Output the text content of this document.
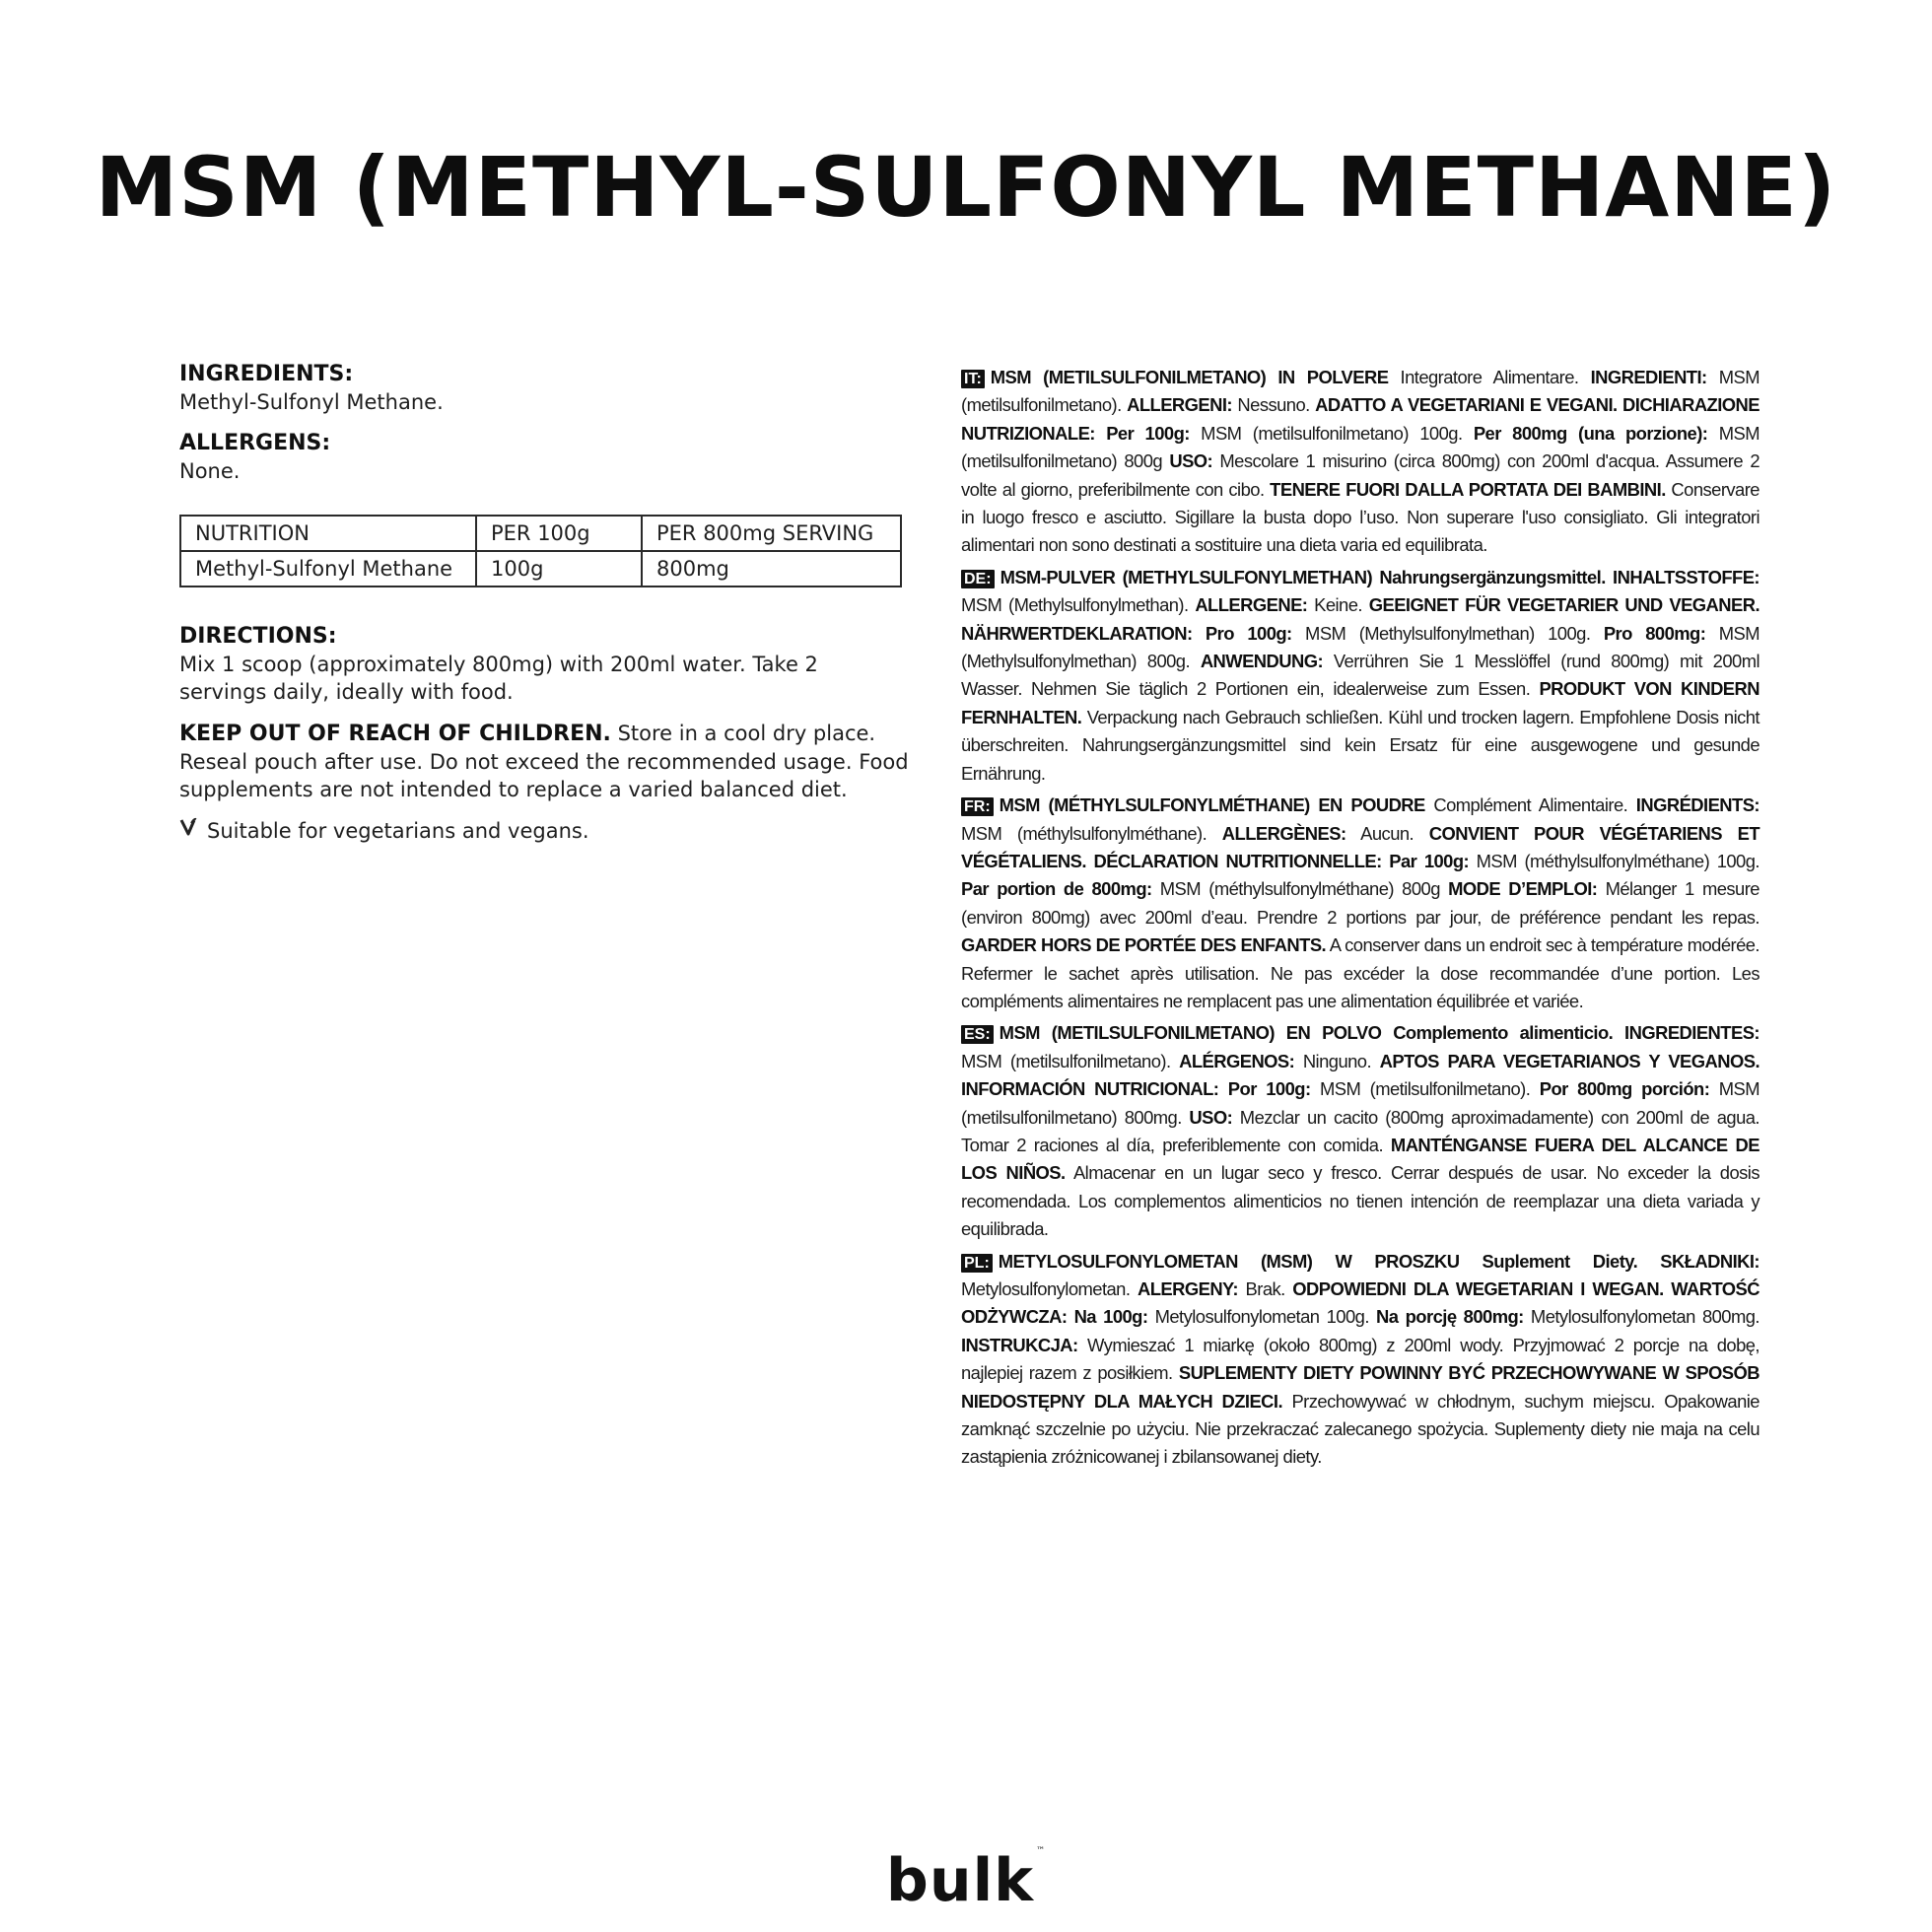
MSM (METHYL-SULFONYL METHANE)
INGREDIENTS:
Methyl-Sulfonyl Methane.
ALLERGENS:
None.
NUTRITION	PER 100g	PER 800mg SERVING
Methyl-Sulfonyl Methane	100g	800mg
DIRECTIONS:
Mix 1 scoop (approximately 800mg) with 200ml water. Take 2 servings daily, ideally with food.
KEEP OUT OF REACH OF CHILDREN. Store in a cool dry place. Reseal pouch after use. Do not exceed the recommended usage. Food supplements are not intended to replace a varied balanced diet.
Suitable for vegetarians and vegans.

IT: MSM (METILSULFONILMETANO) IN POLVERE Integratore Alimentare. INGREDIENTI: MSM (metilsulfonilmetano). ALLERGENI: Nessuno. ADATTO A VEGETARIANI E VEGANI. DICHIARAZIONE NUTRIZIONALE: Per 100g: MSM (metilsulfonilmetano) 100g. Per 800mg (una porzione): MSM (metilsulfonilmetano) 800g USO: Mescolare 1 misurino (circa 800mg) con 200ml d'acqua. Assumere 2 volte al giorno, preferibilmente con cibo. TENERE FUORI DALLA PORTATA DEI BAMBINI. Conservare in luogo fresco e asciutto. Sigillare la busta dopo l’uso. Non superare l'uso consigliato. Gli integratori alimentari non sono destinati a sostituire una dieta varia ed equilibrata.

DE: MSM-PULVER (METHYLSULFONYLMETHAN) Nahrungsergänzungsmittel. INHALTSSTOFFE: MSM (Methylsulfonylmethan). ALLERGENE: Keine. GEEIGNET FÜR VEGETARIER UND VEGANER. NÄHRWERTDEKLARATION: Pro 100g: MSM (Methylsulfonylmethan) 100g. Pro 800mg: MSM (Methylsulfonylmethan) 800g. ANWENDUNG: Verrühren Sie 1 Messlöffel (rund 800mg) mit 200ml Wasser. Nehmen Sie täglich 2 Portionen ein, idealerweise zum Essen. PRODUKT VON KINDERN FERNHALTEN. Verpackung nach Gebrauch schließen. Kühl und trocken lagern. Empfohlene Dosis nicht überschreiten. Nahrungsergänzungsmittel sind kein Ersatz für eine ausgewogene und gesunde Ernährung.

FR: MSM (MÉTHYLSULFONYLMÉTHANE) EN POUDRE Complément Alimentaire. INGRÉDIENTS: MSM (méthylsulfonylméthane). ALLERGÈNES: Aucun. CONVIENT POUR VÉGÉTARIENS ET VÉGÉTALIENS. DÉCLARATION NUTRITIONNELLE: Par 100g: MSM (méthylsulfonylméthane) 100g. Par portion de 800mg: MSM (méthylsulfonylméthane) 800g MODE D’EMPLOI: Mélanger 1 mesure (environ 800mg) avec 200ml d’eau. Prendre 2 portions par jour, de préférence pendant les repas. GARDER HORS DE PORTÉE DES ENFANTS. A conserver dans un endroit sec à température modérée. Refermer le sachet après utilisation. Ne pas excéder la dose recommandée d’une portion. Les compléments alimentaires ne remplacent pas une alimentation équilibrée et variée.

ES: MSM (METILSULFONILMETANO) EN POLVO Complemento alimenticio. INGREDIENTES: MSM (metilsulfonilmetano). ALÉRGENOS: Ninguno. APTOS PARA VEGETARIANOS Y VEGANOS. INFORMACIÓN NUTRICIONAL: Por 100g: MSM (metilsulfonilmetano). Por 800mg porción: MSM (metilsulfonilmetano) 800mg. USO: Mezclar un cacito (800mg aproximadamente) con 200ml de agua. Tomar 2 raciones al día, preferiblemente con comida. MANTÉNGANSE FUERA DEL ALCANCE DE LOS NIÑOS. Almacenar en un lugar seco y fresco. Cerrar después de usar. No exceder la dosis recomendada. Los complementos alimenticios no tienen intención de reemplazar una dieta variada y equilibrada.

PL: METYLOSULFONYLOMETAN (MSM) W PROSZKU Suplement Diety. SKŁADNIKI: Metylosulfonylometan. ALERGENY: Brak. ODPOWIEDNI DLA WEGETARIAN I WEGAN. WARTOŚĆ ODŻYWCZA: Na 100g: Metylosulfonylometan 100g. Na porcję 800mg: Metylosulfonylometan 800mg. INSTRUKCJA: Wymieszać 1 miarkę (około 800mg) z 200ml wody. Przyjmować 2 porcje na dobę, najlepiej razem z posiłkiem. SUPLEMENTY DIETY POWINNY BYĆ PRZECHOWYWANE W SPOSÓB NIEDOSTĘPNY DLA MAŁYCH DZIECI. Przechowywać w chłodnym, suchym miejscu. Opakowanie zamknąć szczelnie po użyciu. Nie przekraczać zalecanego spożycia. Suplementy diety nie maja na celu zastąpienia zróżnicowanej i zbilansowanej diety.

bulk ™
